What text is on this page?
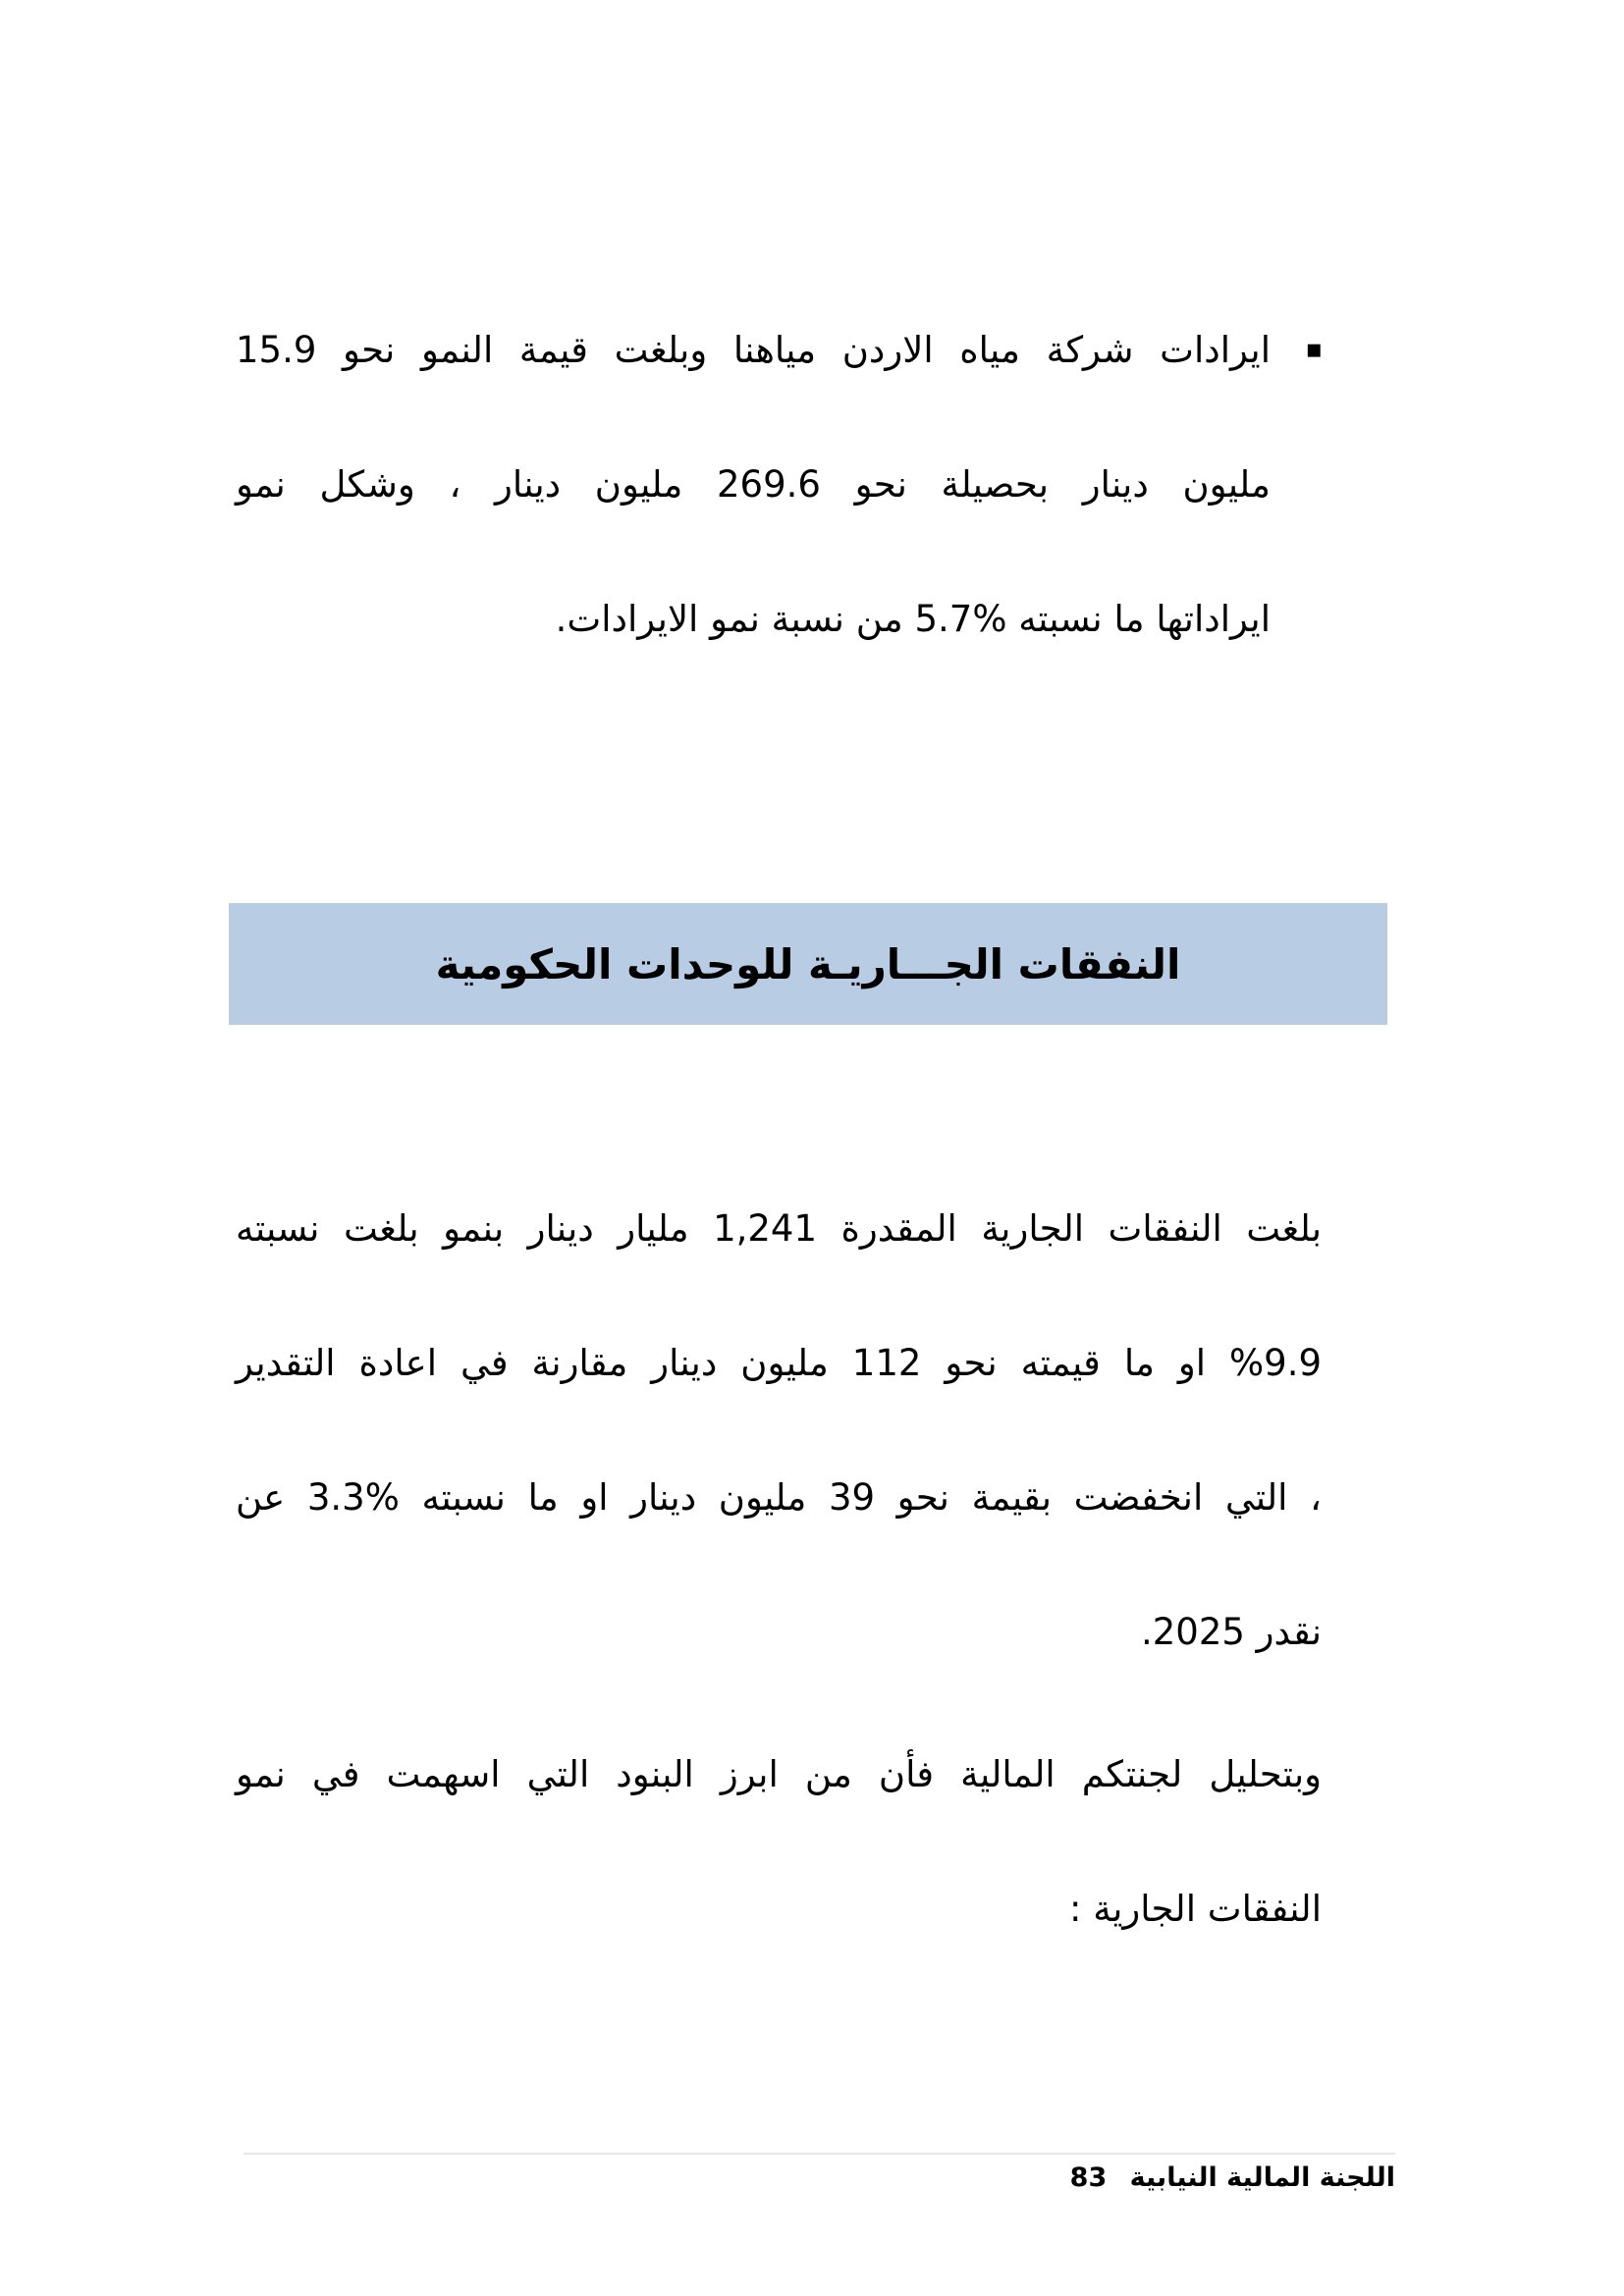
▪
ايرادات شركة مياه الاردن مياهنا وبلغت قيمة النمو نحو 15.9
مليون دينار بحصيلة نحو 269.6 مليون دينار ، وشكل نمو
ايراداتها ما نسبته %5.7 من نسبة نمو الايرادات.
النفقات الجـــاريـة للوحدات الحكومية
بلغت النفقات الجارية المقدرة 1,241 مليار دينار بنمو بلغت نسبته
%9.9 او ما قيمته نحو 112 مليون دينار مقارنة في اعادة التقدير
، التي انخفضت بقيمة نحو 39 مليون دينار او ما نسبته %3.3 عن
نقدر 2025.
وبتحليل لجنتكم المالية فأن من ابرز البنود التي اسهمت في نمو
النفقات الجارية :
اللجنة المالية النيابية 83
